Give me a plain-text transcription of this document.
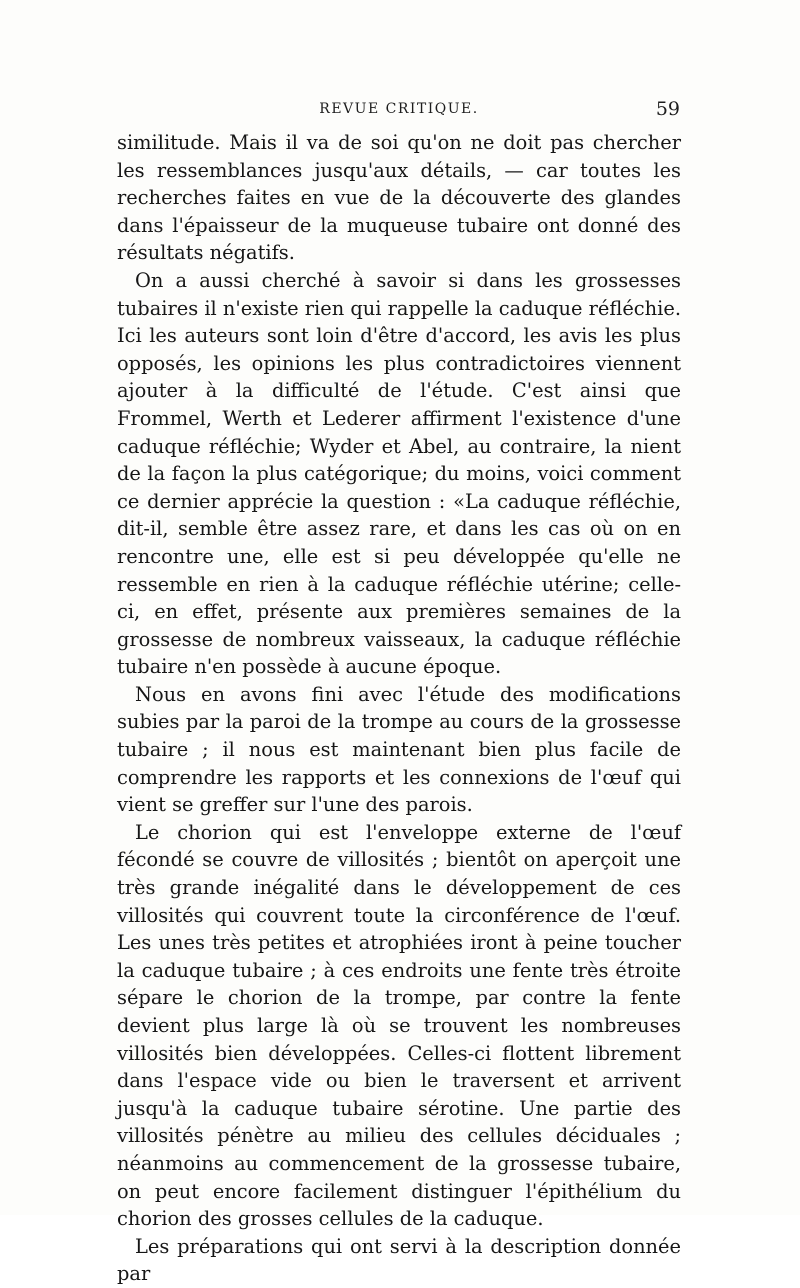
REVUE CRITIQUE.	59

similitude. Mais il va de soi qu'on ne doit pas chercher les ressemblances jusqu'aux détails, — car toutes les recherches faites en vue de la découverte des glandes dans l'épaisseur de la muqueuse tubaire ont donné des résultats négatifs.

On a aussi cherché à savoir si dans les grossesses tubaires il n'existe rien qui rappelle la caduque réfléchie. Ici les auteurs sont loin d'être d'accord, les avis les plus opposés, les opinions les plus contradictoires viennent ajouter à la difficulté de l'étude. C'est ainsi que Frommel, Werth et Lederer affirment l'existence d'une caduque réfléchie; Wyder et Abel, au contraire, la nient de la façon la plus catégorique; du moins, voici comment ce dernier apprécie la question : «La caduque réfléchie, dit-il, semble être assez rare, et dans les cas où on en rencontre une, elle est si peu développée qu'elle ne ressemble en rien à la caduque réfléchie utérine; celle-ci, en effet, présente aux premières semaines de la grossesse de nombreux vaisseaux, la caduque réfléchie tubaire n'en possède à aucune époque.

Nous en avons fini avec l'étude des modifications subies par la paroi de la trompe au cours de la grossesse tubaire ; il nous est maintenant bien plus facile de comprendre les rapports et les connexions de l'œuf qui vient se greffer sur l'une des parois.

Le chorion qui est l'enveloppe externe de l'œuf fécondé se couvre de villosités ; bientôt on aperçoit une très grande inégalité dans le développement de ces villosités qui couvrent toute la circonférence de l'œuf. Les unes très petites et atrophiées iront à peine toucher la caduque tubaire ; à ces endroits une fente très étroite sépare le chorion de la trompe, par contre la fente devient plus large là où se trouvent les nombreuses villosités bien développées. Celles-ci flottent librement dans l'espace vide ou bien le traversent et arrivent jusqu'à la caduque tubaire sérotine. Une partie des villosités pénètre au milieu des cellules déciduales ; néanmoins au commencement de la grossesse tubaire, on peut encore facilement distinguer l'épithélium du chorion des grosses cellules de la caduque.

Les préparations qui ont servi à la description donnée par
